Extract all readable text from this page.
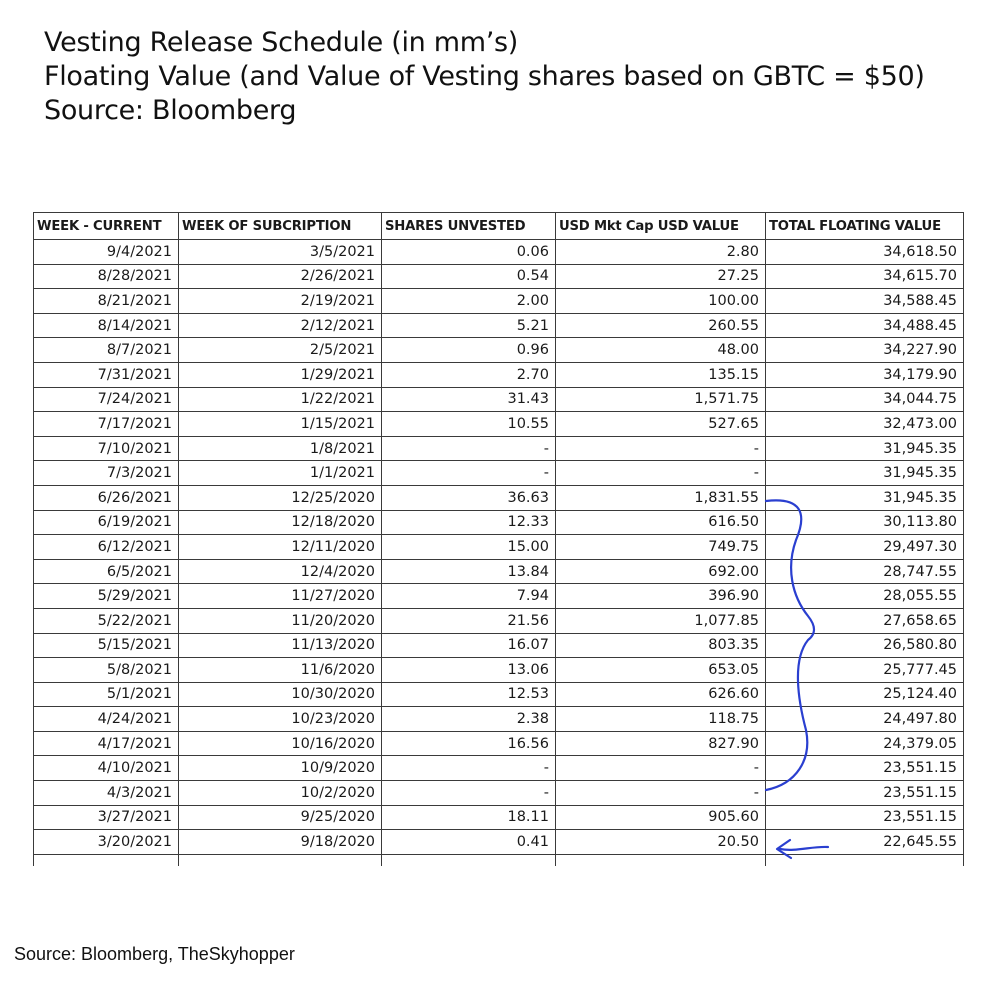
Vesting Release Schedule (in mm’s)
Floating Value (and Value of Vesting shares based on GBTC = $50)
Source: Bloomberg
WEEK - CURRENT	WEEK OF SUBCRIPTION	SHARES UNVESTED	USD Mkt Cap USD VALUE	TOTAL FLOATING VALUE
9/4/2021	3/5/2021	0.06	2.80	34,618.50
8/28/2021	2/26/2021	0.54	27.25	34,615.70
8/21/2021	2/19/2021	2.00	100.00	34,588.45
8/14/2021	2/12/2021	5.21	260.55	34,488.45
8/7/2021	2/5/2021	0.96	48.00	34,227.90
7/31/2021	1/29/2021	2.70	135.15	34,179.90
7/24/2021	1/22/2021	31.43	1,571.75	34,044.75
7/17/2021	1/15/2021	10.55	527.65	32,473.00
7/10/2021	1/8/2021	-	-	31,945.35
7/3/2021	1/1/2021	-	-	31,945.35
6/26/2021	12/25/2020	36.63	1,831.55	31,945.35
6/19/2021	12/18/2020	12.33	616.50	30,113.80
6/12/2021	12/11/2020	15.00	749.75	29,497.30
6/5/2021	12/4/2020	13.84	692.00	28,747.55
5/29/2021	11/27/2020	7.94	396.90	28,055.55
5/22/2021	11/20/2020	21.56	1,077.85	27,658.65
5/15/2021	11/13/2020	16.07	803.35	26,580.80
5/8/2021	11/6/2020	13.06	653.05	25,777.45
5/1/2021	10/30/2020	12.53	626.60	25,124.40
4/24/2021	10/23/2020	2.38	118.75	24,497.80
4/17/2021	10/16/2020	16.56	827.90	24,379.05
4/10/2021	10/9/2020	-	-	23,551.15
4/3/2021	10/2/2020	-	-	23,551.15
3/27/2021	9/25/2020	18.11	905.60	23,551.15
3/20/2021	9/18/2020	0.41	20.50	22,645.55

Source: Bloomberg, TheSkyhopper
